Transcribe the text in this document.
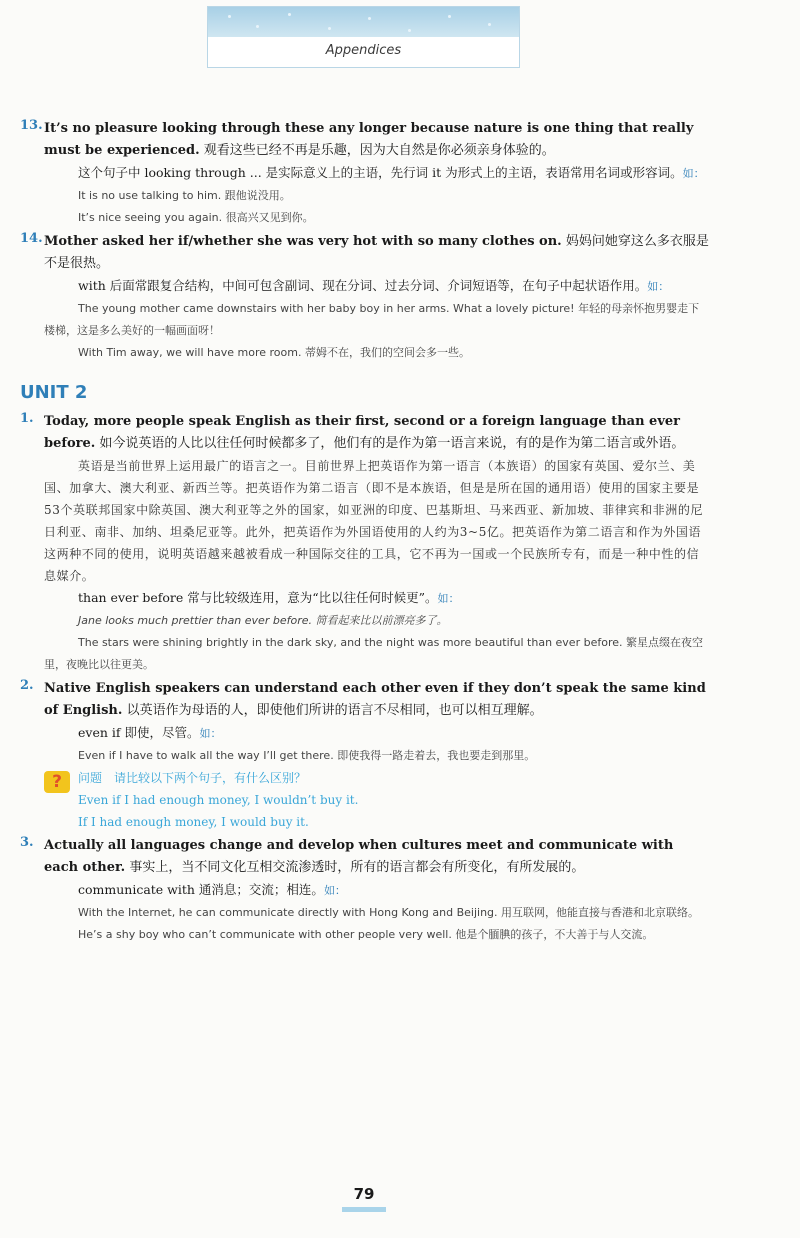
Appendices
13. It’s no pleasure looking through these any longer because nature is one thing that really must be experienced. 观看这些已经不再是乐趣，因为大自然是你必须亲身体验的。
这个句子中 looking through ... 是实际意义上的主语，先行词 it 为形式上的主语，表语常用名词或形容词。如：
It is no use talking to him. 跟他说没用。
It’s nice seeing you again. 很高兴又见到你。
14. Mother asked her if/whether she was very hot with so many clothes on. 妈妈问她穿这么多衣服是不是很热。
with 后面常跟复合结构，中间可包含副词、现在分词、过去分词、介词短语等，在句子中起状语作用。如：
The young mother came downstairs with her baby boy in her arms. What a lovely picture! 年轻的母亲怀抱男婴走下楼梯，这是多么美好的一幅画面呀！
With Tim away, we will have more room. 蒂姆不在，我们的空间会多一些。
UNIT 2
1. Today, more people speak English as their first, second or a foreign language than ever before. 如今说英语的人比以往任何时候都多了，他们有的是作为第一语言来说，有的是作为第二语言或外语。
英语是当前世界上运用最广的语言之一。目前世界上把英语作为第一语言（本族语）的国家有英国、爱尔兰、美国、加拿大、澳大利亚、新西兰等。把英语作为第二语言（即不是本族语，但是是所在国的通用语）使用的国家主要是53个英联邦国家中除英国、澳大利亚等之外的国家，如亚洲的印度、巴基斯坦、马来西亚、新加坡、菲律宾和非洲的尼日利亚、南非、加纳、坦桑尼亚等。此外，把英语作为外国语使用的人约为3~5亿。把英语作为第二语言和作为外国语这两种不同的使用，说明英语越来越被看成一种国际交往的工具，它不再为一国或一个民族所专有，而是一种中性的信息媒介。
than ever before 常与比较级连用，意为“比以往任何时候更”。如：
Jane looks much prettier than ever before. 简看起来比以前漂亮多了。
The stars were shining brightly in the dark sky, and the night was more beautiful than ever before. 繁星点缀在夜空里，夜晚比以往更美。
2. Native English speakers can understand each other even if they don’t speak the same kind of English. 以英语作为母语的人，即使他们所讲的语言不尽相同，也可以相互理解。
even if 即使，尽管。如：
Even if I have to walk all the way I’ll get there. 即使我得一路走着去，我也要走到那里。
?	问题　请比较以下两个句子，有什么区别？
Even if I had enough money, I wouldn’t buy it.
If I had enough money, I would buy it.
3. Actually all languages change and develop when cultures meet and communicate with each other. 事实上，当不同文化互相交流渗透时，所有的语言都会有所变化，有所发展的。
communicate with 通消息；交流；相连。如：
With the Internet, he can communicate directly with Hong Kong and Beijing. 用互联网，他能直接与香港和北京联络。
He’s a shy boy who can’t communicate with other people very well. 他是个腼腆的孩子，不大善于与人交流。
79
